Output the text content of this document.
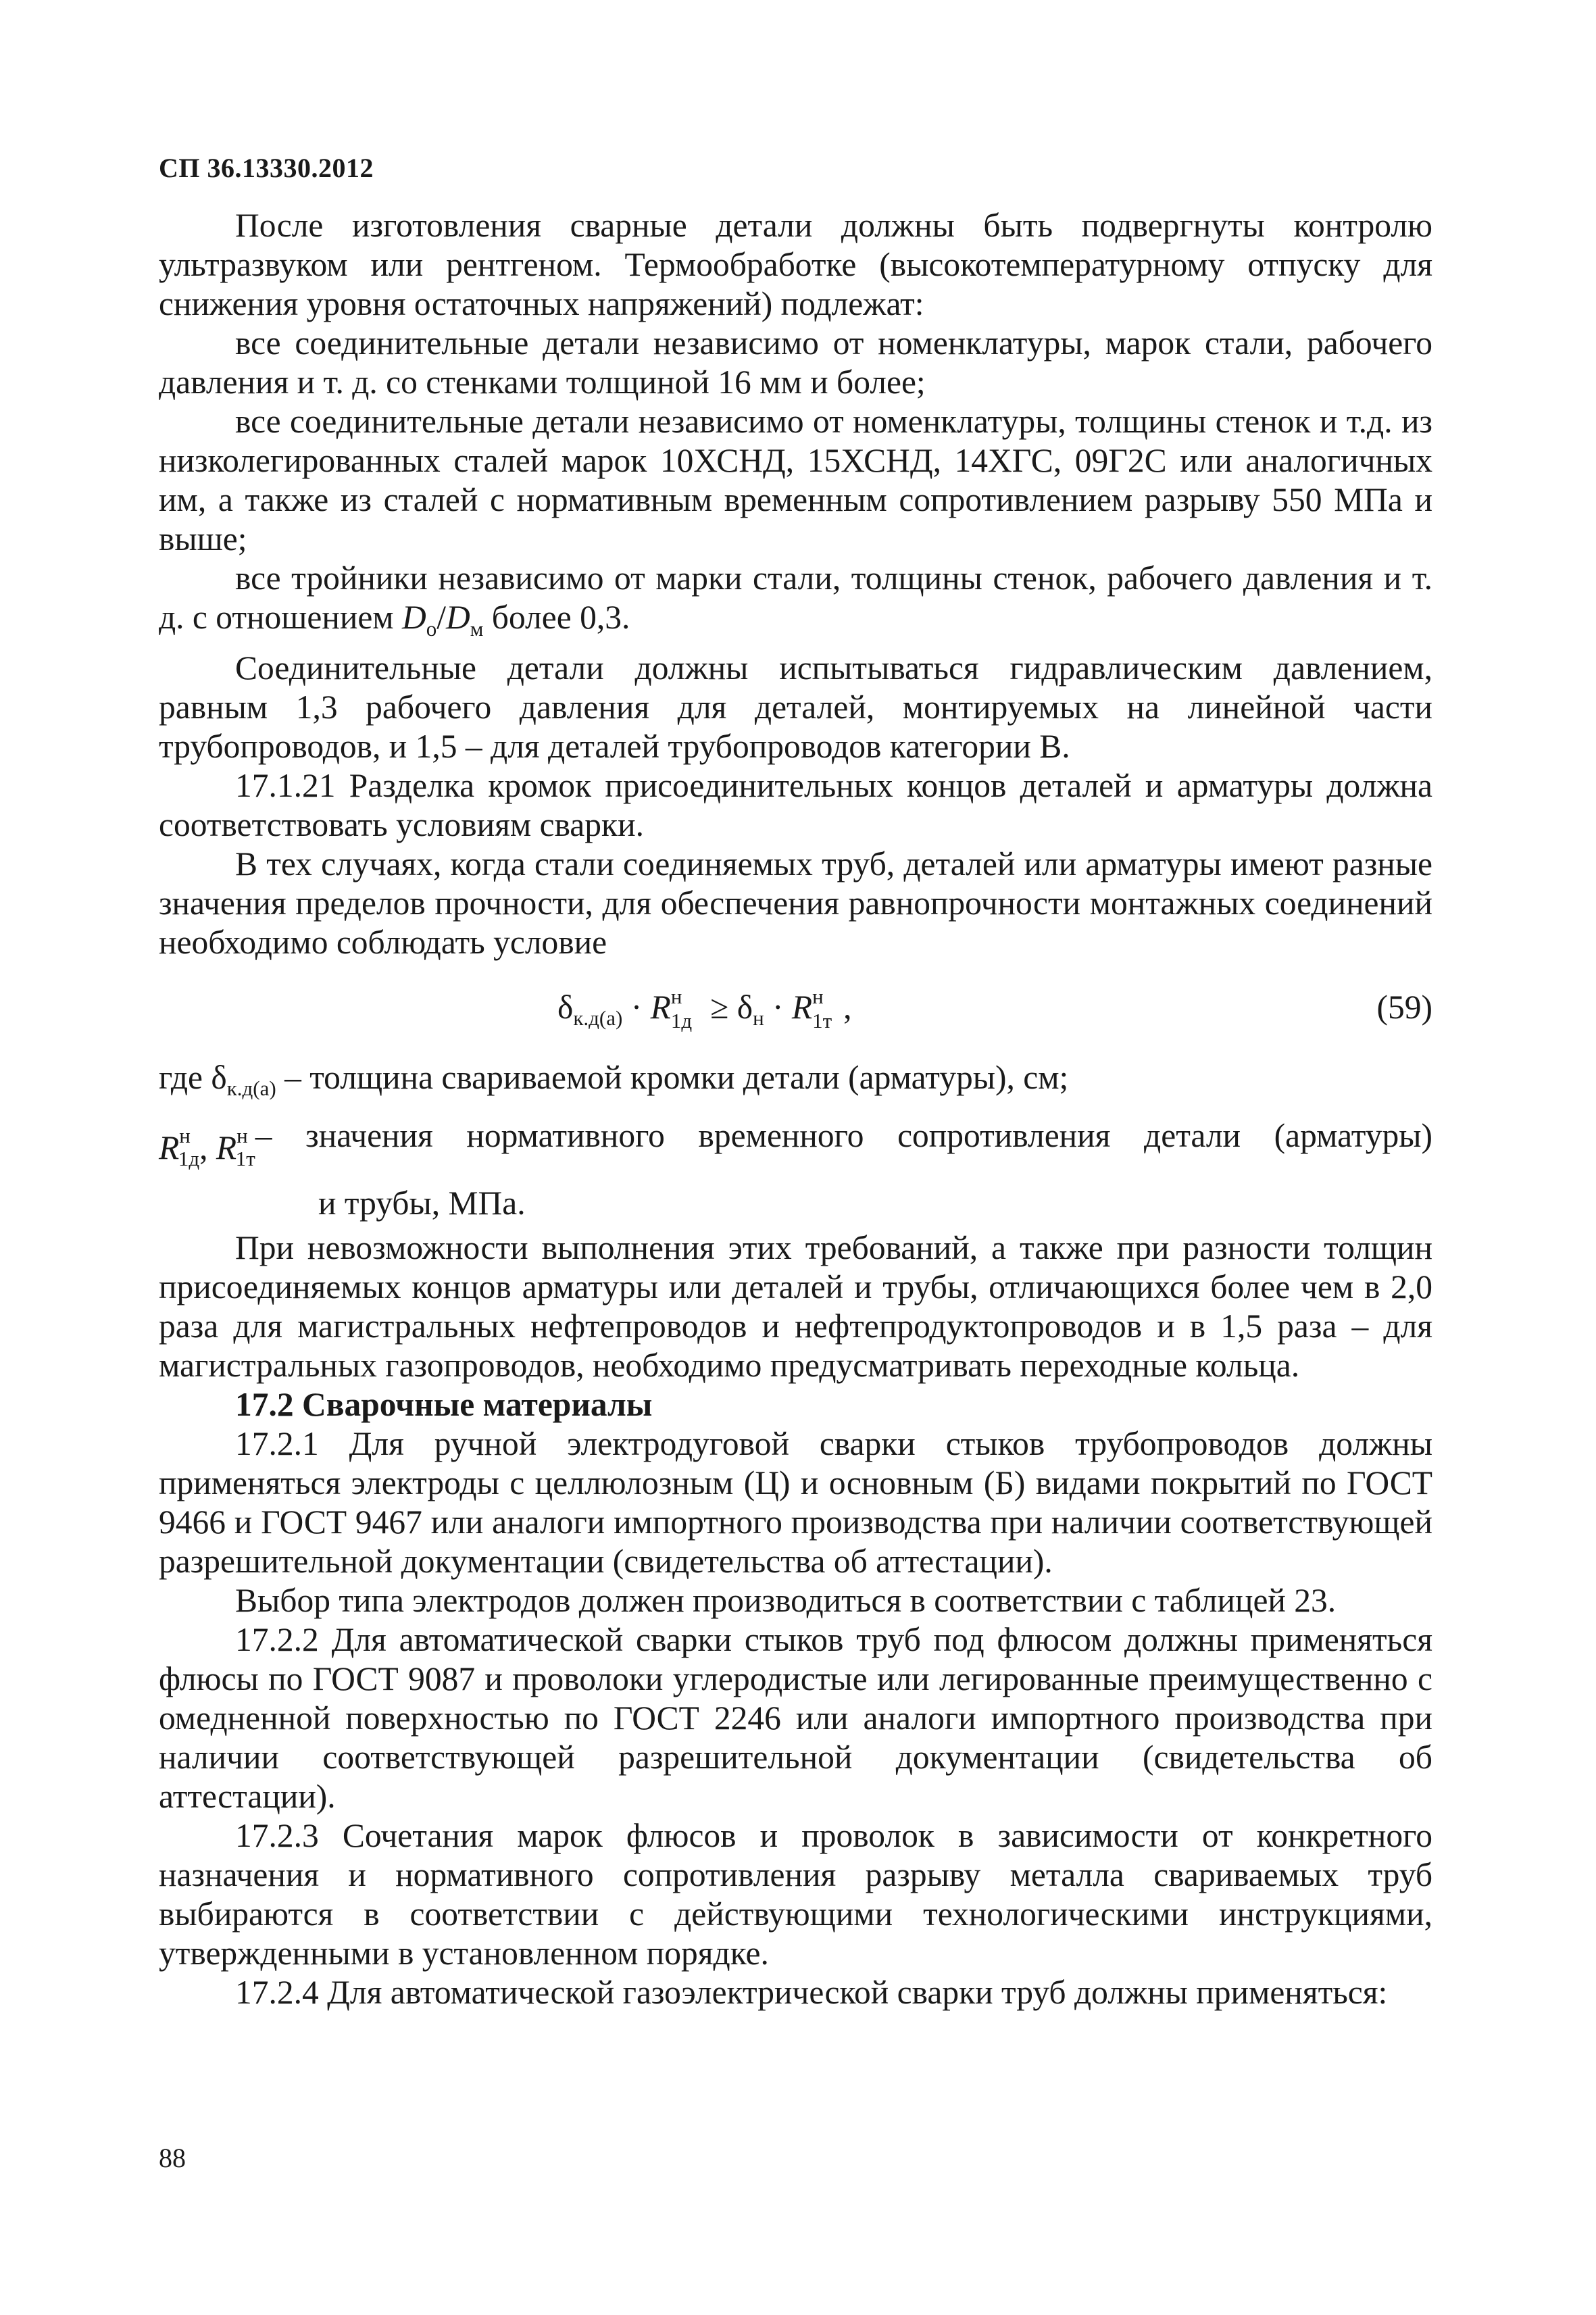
СП 36.13330.2012

После изготовления сварные детали должны быть подвергнуты контролю ультразвуком или рентгеном. Термообработке (высокотемпературному отпуску для снижения уровня остаточных напряжений) подлежат:

все соединительные детали независимо от номенклатуры, марок стали, рабочего давления и т. д. со стенками толщиной 16 мм и более;

все соединительные детали независимо от номенклатуры, толщины стенок и т.д. из низколегированных сталей марок 10ХСНД, 15ХСНД, 14ХГС, 09Г2С или аналогичных им, а также из сталей с нормативным временным сопротивлением разрыву 550 МПа и выше;

все тройники независимо от марки стали, толщины стенок, рабочего давления и т. д. с отношением $D_о/D_м$ более 0,3.

Соединительные детали должны испытываться гидравлическим давлением, равным 1,3 рабочего давления для деталей, монтируемых на линейной части трубопроводов, и 1,5 – для деталей трубопроводов категории В.

17.1.21 Разделка кромок присоединительных концов деталей и арматуры должна соответствовать условиям сварки.

В тех случаях, когда стали соединяемых труб, деталей или арматуры имеют разные значения пределов прочности, для обеспечения равнопрочности монтажных соединений необходимо соблюдать условие

$\delta_{к.д(а)} \cdot R$ н
$1д \ge \delta_н \cdot R$ н
1т ,	(59)

где $\delta_{к.д(а)}$ – толщина свариваемой кромки детали (арматуры), см;

$R^н_{1д}$, $R^н_{1т}$
– значения нормативного временного сопротивления детали (арматуры)

и трубы, МПа.

При невозможности выполнения этих требований, а также при разности толщин присоединяемых концов арматуры или деталей и трубы, отличающихся более чем в 2,0 раза для магистральных нефтепроводов и нефтепродуктопроводов и в 1,5 раза – для магистральных газопроводов, необходимо предусматривать переходные кольца.

17.2 Сварочные материалы

17.2.1 Для ручной электродуговой сварки стыков трубопроводов должны применяться электроды с целлюлозным (Ц) и основным (Б) видами покрытий по ГОСТ 9466 и ГОСТ 9467 или аналоги импортного производства при наличии соответствующей разрешительной документации (свидетельства об аттестации).

Выбор типа электродов должен производиться в соответствии с таблицей 23.

17.2.2 Для автоматической сварки стыков труб под флюсом должны применяться флюсы по ГОСТ 9087 и проволоки углеродистые или легированные преимущественно с омедненной поверхностью по ГОСТ 2246 или аналоги импортного производства при наличии соответствующей разрешительной документации (свидетельства об аттестации).

17.2.3 Сочетания марок флюсов и проволок в зависимости от конкретного назначения и нормативного сопротивления разрыву металла свариваемых труб выбираются в соответствии с действующими технологическими инструкциями, утвержденными в установленном порядке.

17.2.4 Для автоматической газоэлектрической сварки труб должны применяться:

88
